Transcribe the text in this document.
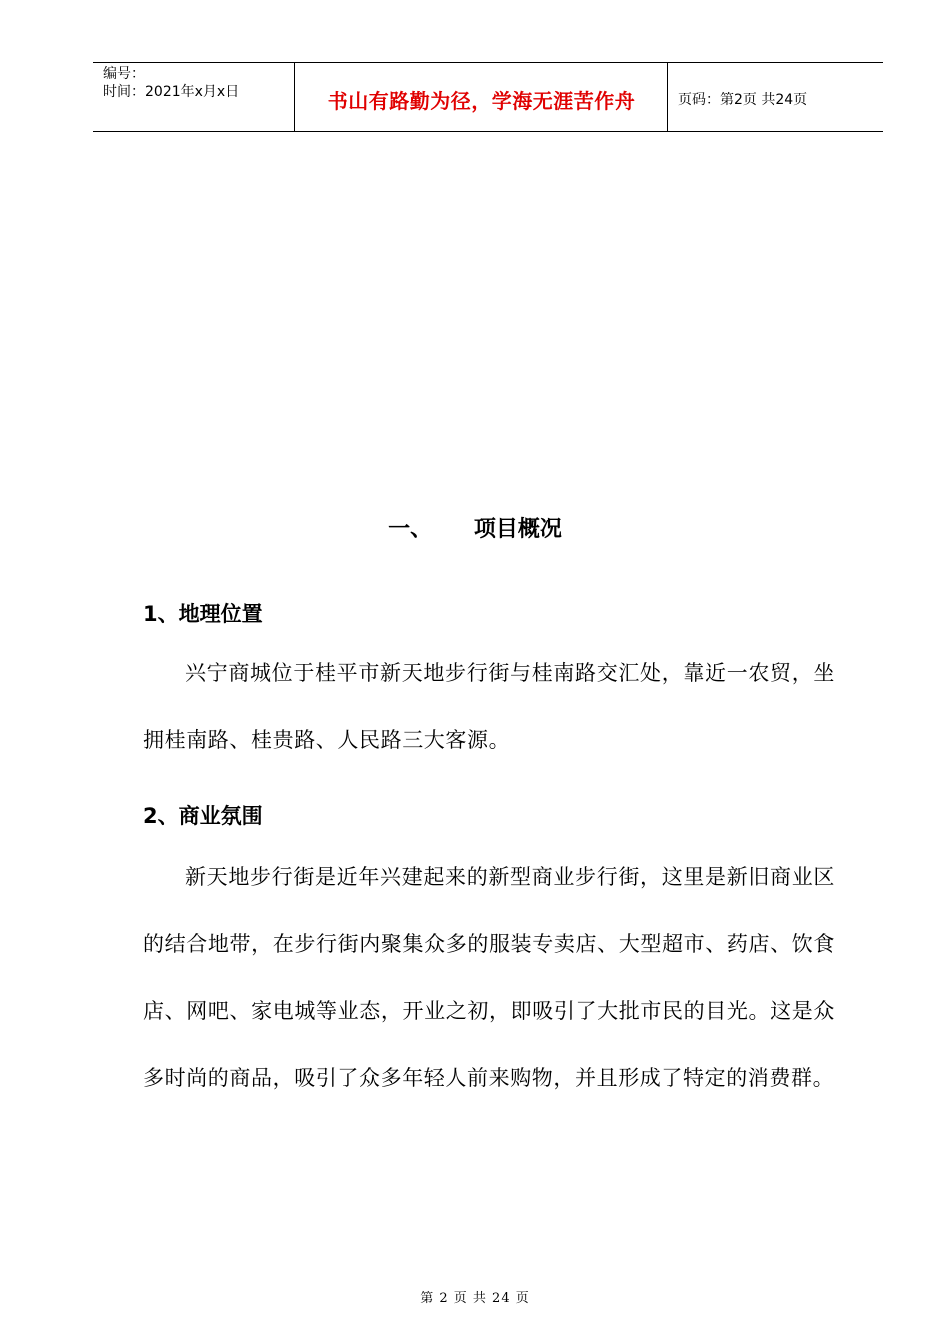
编号：
时间：2021年x月x日	书山有路勤为径，学海无涯苦作舟	页码：第2页 共24页
一、 项目概况
1、地理位置
兴宁商城位于桂平市新天地步行街与桂南路交汇处，靠近一农贸，坐拥桂南路、桂贵路、人民路三大客源。
2、商业氛围
新天地步行街是近年兴建起来的新型商业步行街，这里是新旧商业区的结合地带，在步行街内聚集众多的服装专卖店、大型超市、药店、饮食店、网吧、家电城等业态，开业之初，即吸引了大批市民的目光。这是众多时尚的商品，吸引了众多年轻人前来购物，并且形成了特定的消费群。
第 2 页 共 24 页
